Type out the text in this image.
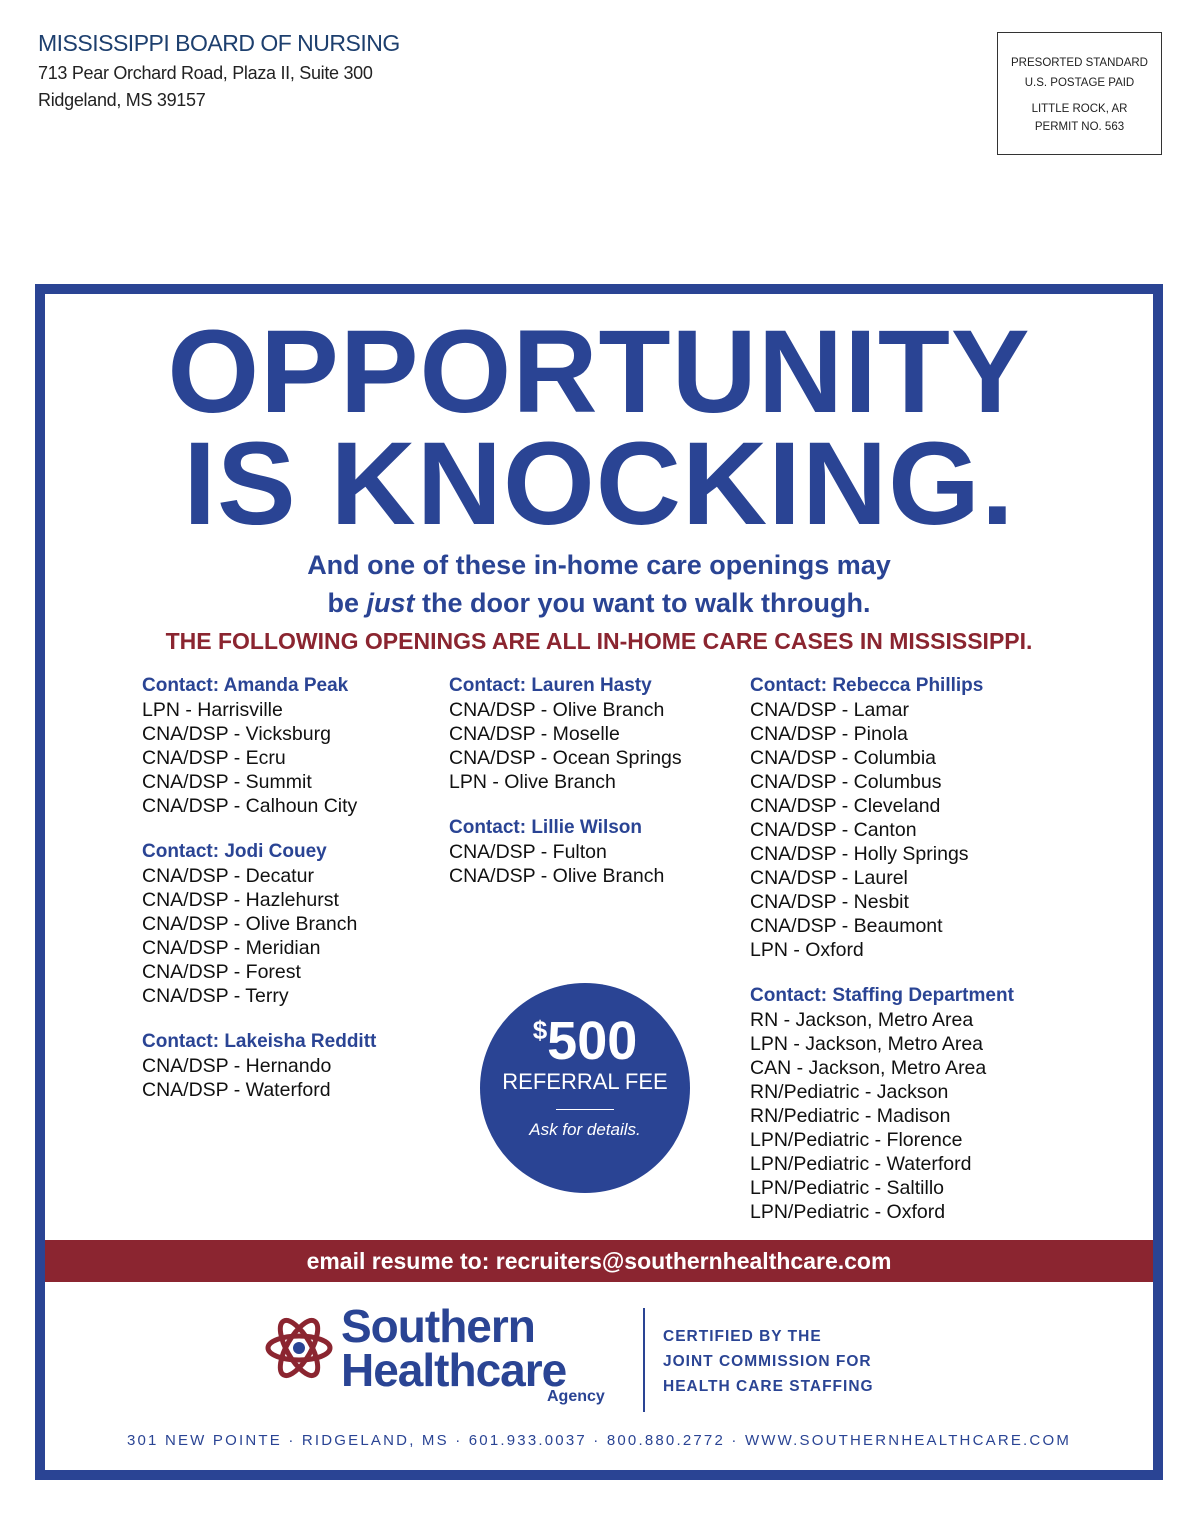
MISSISSIPPI BOARD OF NURSING
713 Pear Orchard Road, Plaza II, Suite 300
Ridgeland, MS 39157
PRESORTED STANDARD
U.S. POSTAGE PAID
LITTLE ROCK, AR
PERMIT NO. 563
OPPORTUNITY
IS KNOCKING.
And one of these in-home care openings may
be just the door you want to walk through.
THE FOLLOWING OPENINGS ARE ALL IN-HOME CARE CASES IN MISSISSIPPI.
Contact: Amanda Peak
LPN - Harrisville
CNA/DSP - Vicksburg
CNA/DSP - Ecru
CNA/DSP - Summit
CNA/DSP - Calhoun City
Contact: Jodi Couey
CNA/DSP - Decatur
CNA/DSP - Hazlehurst
CNA/DSP - Olive Branch
CNA/DSP - Meridian
CNA/DSP - Forest
CNA/DSP - Terry
Contact: Lakeisha Redditt
CNA/DSP - Hernando
CNA/DSP - Waterford
Contact: Lauren Hasty
CNA/DSP - Olive Branch
CNA/DSP - Moselle
CNA/DSP - Ocean Springs
LPN - Olive Branch
Contact: Lillie Wilson
CNA/DSP - Fulton
CNA/DSP - Olive Branch
Contact: Rebecca Phillips
CNA/DSP - Lamar
CNA/DSP - Pinola
CNA/DSP - Columbia
CNA/DSP - Columbus
CNA/DSP - Cleveland
CNA/DSP - Canton
CNA/DSP - Holly Springs
CNA/DSP - Laurel
CNA/DSP - Nesbit
CNA/DSP - Beaumont
LPN - Oxford
Contact: Staffing Department
RN - Jackson, Metro Area
LPN - Jackson, Metro Area
CAN - Jackson, Metro Area
RN/Pediatric - Jackson
RN/Pediatric - Madison
LPN/Pediatric - Florence
LPN/Pediatric - Waterford
LPN/Pediatric - Saltillo
LPN/Pediatric - Oxford
$500
REFERRAL FEE
Ask for details.
email resume to: recruiters@southernhealthcare.com
Southern
Healthcare
Agency
CERTIFIED BY THE
JOINT COMMISSION FOR
HEALTH CARE STAFFING
301 NEW POINTE · RIDGELAND, MS · 601.933.0037 · 800.880.2772 · WWW.SOUTHERNHEALTHCARE.COM
